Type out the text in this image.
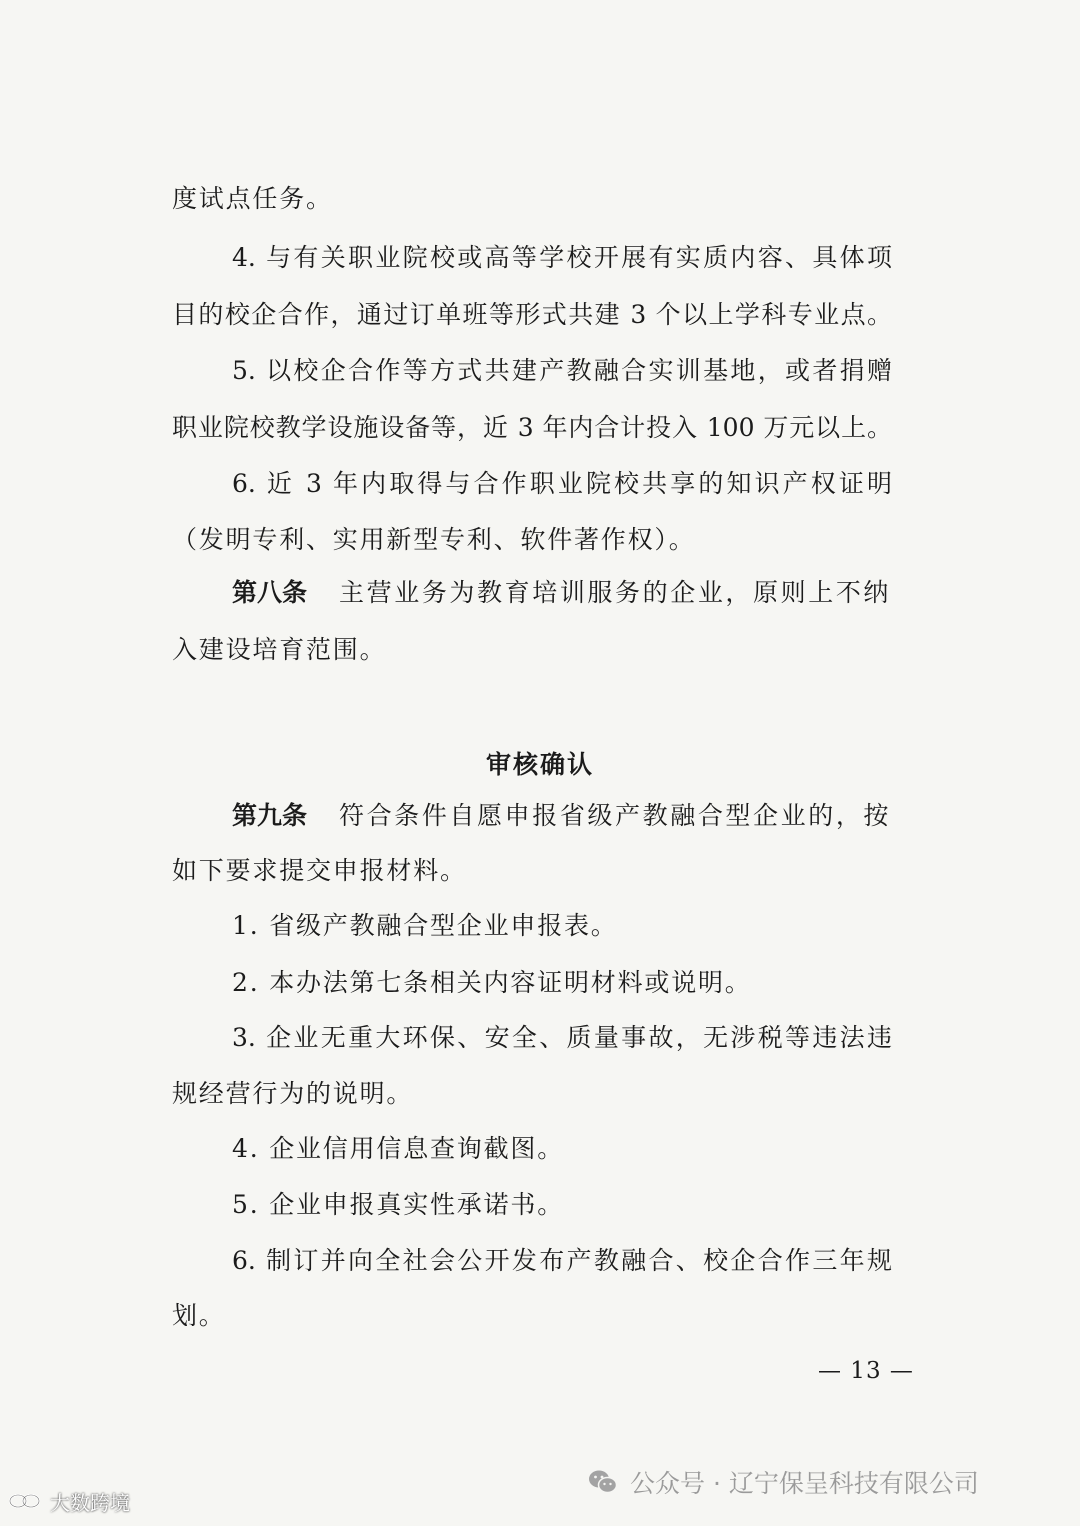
度试点任务。
4. 与有关职业院校或高等学校开展有实质内容、具体项
目的校企合作，通过订单班等形式共建 3 个以上学科专业点。
5. 以校企合作等方式共建产教融合实训基地，或者捐赠
职业院校教学设施设备等，近 3 年内合计投入 100 万元以上。
6. 近 3 年内取得与合作职业院校共享的知识产权证明
（发明专利、实用新型专利、软件著作权）。
第八条 主营业务为教育培训服务的企业，原则上不纳
入建设培育范围。
审核确认
第九条 符合条件自愿申报省级产教融合型企业的，按
如下要求提交申报材料。
1. 省级产教融合型企业申报表。
2. 本办法第七条相关内容证明材料或说明。
3. 企业无重大环保、安全、质量事故，无涉税等违法违
规经营行为的说明。
4. 企业信用信息查询截图。
5. 企业申报真实性承诺书。
6. 制订并向全社会公开发布产教融合、校企合作三年规
划。
— 13 —
公众号 · 辽宁保呈科技有限公司
大数跨境
